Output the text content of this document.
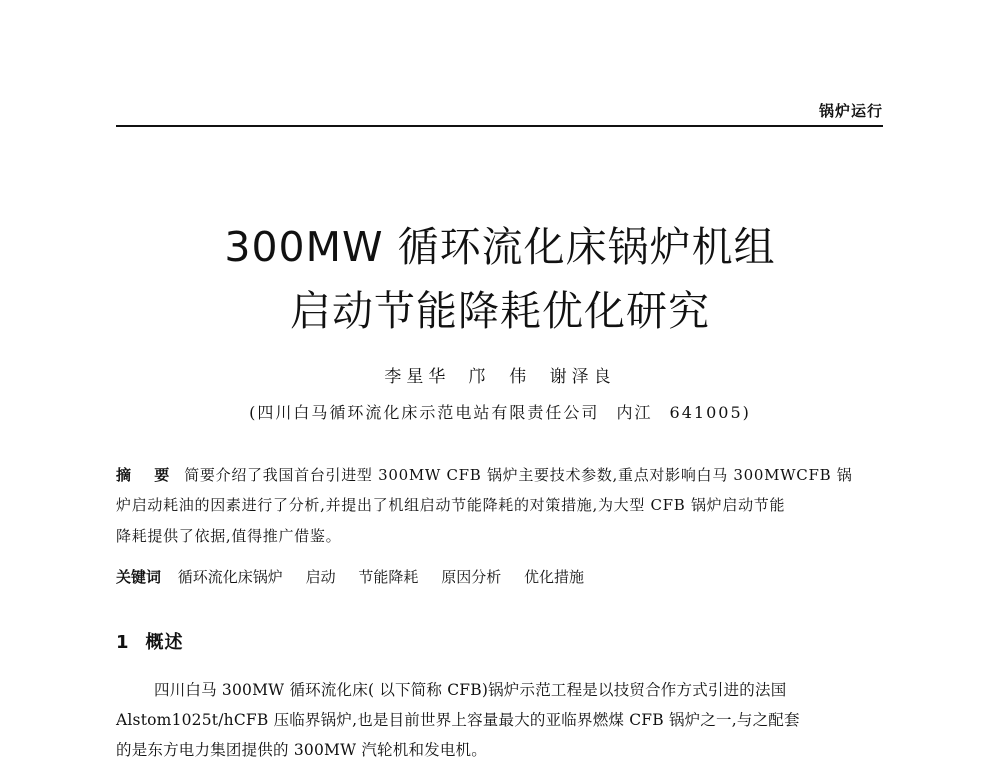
锅炉运行
300MW 循环流化床锅炉机组
启动节能降耗优化研究
李星华 邝 伟 谢泽良
(四川白马循环流化床示范电站有限责任公司 内江 641005)
摘 要 简要介绍了我国首台引进型 300MW CFB 锅炉主要技术参数,重点对影响白马 300MWCFB 锅
炉启动耗油的因素进行了分析,并提出了机组启动节能降耗的对策措施,为大型 CFB 锅炉启动节能
降耗提供了依据,值得推广借鉴。
关键词 循环流化床锅炉 启动 节能降耗 原因分析 优化措施
1 概述
四川白马 300MW 循环流化床( 以下简称 CFB)锅炉示范工程是以技贸合作方式引进的法国
Alstom1025t/hCFB 压临界锅炉,也是目前世界上容量最大的亚临界燃煤 CFB 锅炉之一,与之配套
的是东方电力集团提供的 300MW 汽轮机和发电机。
